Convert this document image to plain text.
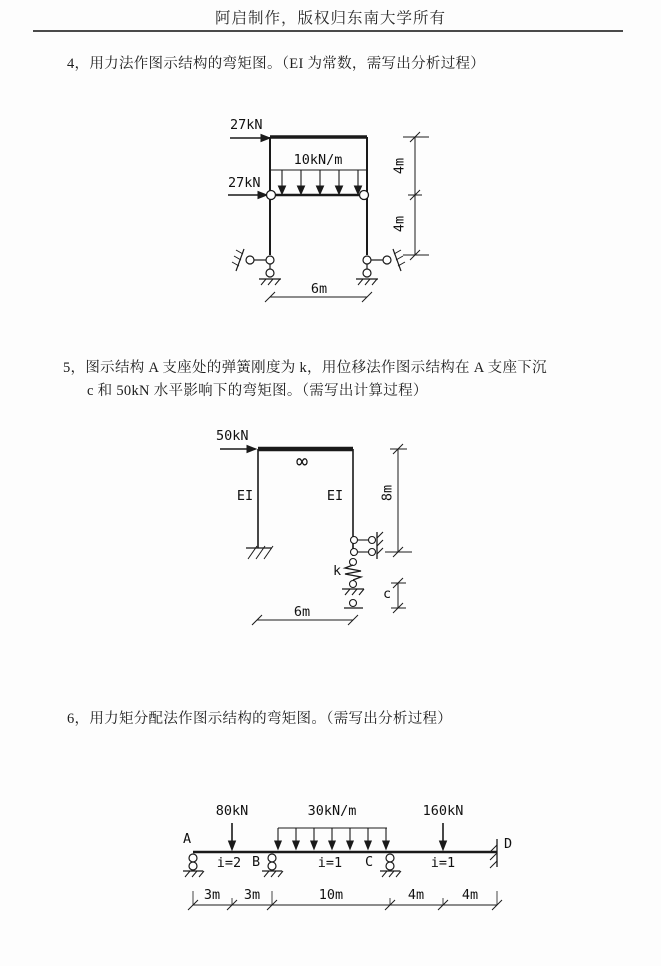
阿启制作，版权归东南大学所有
4，用力法作图示结构的弯矩图。（EI 为常数，需写出分析过程）
27kN
27kN
10kN/m
6m
4m
4m
5，图示结构 A 支座处的弹簧刚度为 k，用位移法作图示结构在 A 支座下沉
c 和 50kN 水平影响下的弯矩图。（需写出计算过程）
50kN
∞
EI	EI
k
c
8m
6m
6，用力矩分配法作图示结构的弯矩图。（需写出分析过程）
80kN	30kN/m	160kN
A
B	C
D
i=2	i=1	i=1
3m 3m	10m	4m	4m
